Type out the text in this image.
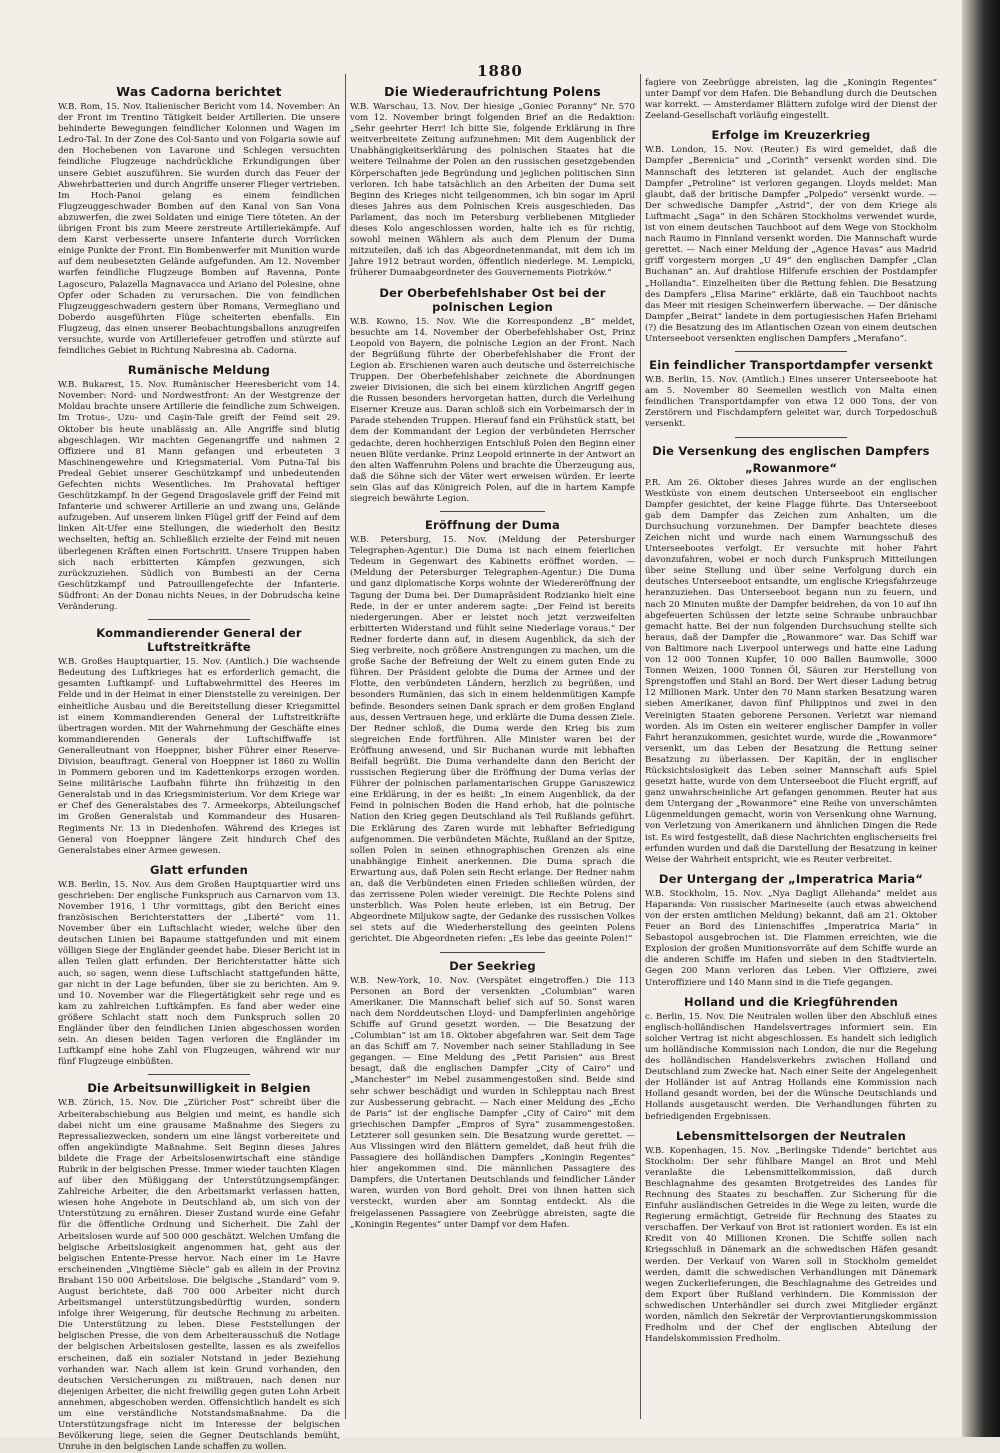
1880
Was Cadorna berichtet

W.B. Rom, 15. Nov. Italienischer Bericht vom 14. November: An der Front im Trentino Tätigkeit beider Artillerien. Die unsere behinderte Bewegungen feindlicher Kolonnen und Wagen im Ledro-Tal. In der Zone des Col-Santo und von Folgaria sowie auf den Hochebenen von Lavarone und Schlegen versuchten feindliche Flugzeuge nachdrückliche Erkundigungen über unsere Gebiet auszuführen. Sie wurden durch das Feuer der Abwehrbatterien und durch Angriffe unserer Flieger vertrieben. Im Hoch-Panoi gelang es einem feindlichen Flugzeuggeschwader Bomben auf den Kanal von San Vona abzuwerfen, die zwei Soldaten und einige Tiere töteten. An der übrigen Front bis zum Meere zerstreute Artilleriekämpfe. Auf dem Karst verbesserte unsere Infanterie durch Vorrücken einige Punkte der Front. Ein Bombenwerfer mit Munition wurde auf dem neubesetzten Gelände aufgefunden. Am 12. November warfen feindliche Flugzeuge Bomben auf Ravenna, Ponte Lagoscuro, Palazella Magnavacca und Ariano del Polesine, ohne Opfer oder Schaden zu verursachen. Die von feindlichen Flugzeuggeschwadern gestern über Romans, Vermegliano und Doberdo ausgeführten Flüge scheiterten ebenfalls. Ein Flugzeug, das einen unserer Beobachtungsballons anzugreifen versuchte, wurde von Artilleriefeuer getroffen und stürzte auf feindliches Gebiet in Richtung Nabresina ab. Cadorna.

Rumänische Meldung

W.B. Bukarest, 15. Nov. Rumänischer Heeresbericht vom 14. November: Nord- und Nordwestfront: An der Westgrenze der Moldau brachte unsere Artillerie die feindliche zum Schweigen. Im Trotus-, Uzu- und Caşin-Tale greift der Feind seit 29. Oktober bis heute unablässig an. Alle Angriffe sind blutig abgeschlagen. Wir machten Gegenangriffe und nahmen 2 Offiziere und 81 Mann gefangen und erbeuteten 3 Maschinengewehre und Kriegsmaterial. Vom Putna-Tal bis Predeal Gebiet unserer Geschützkampf und unbedeutenden Gefechten nichts Wesentliches. Im Prahovatal heftiger Geschützkampf. In der Gegend Dragoslavele griff der Feind mit Infanterie und schwerer Artillerie an und zwang uns, Gelände aufzugeben. Auf unserem linken Flügel griff der Feind auf dem linken Alt-Ufer eine Stellungen, die wiederholt den Besitz wechselten, heftig an. Schließlich erzielte der Feind mit neuen überlegenen Kräften einen Fortschritt. Unsere Truppen haben sich nach erbitterten Kämpfen gezwungen, sich zurückzuziehen. Südlich von Bumbesti an der Cerna Geschützkampf und Patrouillengefechte der Infanterie. Südfront: An der Donau nichts Neues, in der Dobrudscha keine Veränderung.

Kommandierender General der Luftstreitkräfte

W.B. Großes Hauptquartier, 15. Nov. (Amtlich.) Die wachsende Bedeutung des Luftkrieges hat es erforderlich gemacht, die gesamten Luftkampf- und Luftabwehrmittel des Heeres im Felde und in der Heimat in einer Dienststelle zu vereinigen. Der einheitliche Ausbau und die Bereitstellung dieser Kriegsmittel ist einem Kommandierenden General der Luftstreitkräfte übertragen worden. Mit der Wahrnehmung der Geschäfte eines kommandierenden Generals der Luftschiffwaffe ist Generalleutnant von Hoeppner, bisher Führer einer Reserve-Division, beauftragt. General von Hoeppner ist 1860 zu Wollin in Pommern geboren und im Kadettenkorps erzogen worden. Seine militärische Laufbahn führte ihn frühzeitig in den Generalstab und in das Kriegsministerium. Vor dem Kriege war er Chef des Generalstabes des 7. Armeekorps, Abteilungschef im Großen Generalstab und Kommandeur des Husaren-Regiments Nr. 13 in Diedenhofen. Während des Krieges ist General von Hoeppner längere Zeit hindurch Chef des Generalstabes einer Armee gewesen.

Glatt erfunden

W.B. Berlin, 15. Nov. Aus dem Großen Hauptquartier wird uns geschrieben: Der englische Funkspruch aus Carnarvon vom 13. November 1916, 1 Uhr vormittags, gibt den Bericht eines französischen Berichterstatters der „Liberté“ vom 11. November über ein Luftschlacht wieder, welche über den deutschen Linien bei Bapaume stattgefunden und mit einem völligen Siege der Engländer geendet habe. Dieser Bericht ist in allen Teilen glatt erfunden. Der Berichterstatter hätte sich auch, so sagen, wenn diese Luftschlacht stattgefunden hätte, gar nicht in der Lage befunden, über sie zu berichten. Am 9. und 10. November war die Fliegertätigkeit sehr rege und es kam zu zahlreichen Luftkämpfen. Es fand aber weder eine größere Schlacht statt noch dem Funkspruch sollen 20 Engländer über den feindlichen Linien abgeschossen worden sein. An diesen beiden Tagen verloren die Engländer im Luftkampf eine hohe Zahl von Flugzeugen, während wir nur fünf Flugzeuge einbüßten.

Die Arbeitsunwilligkeit in Belgien

W.B. Zürich, 15. Nov. Die „Züricher Post“ schreibt über die Arbeiterabschiebung aus Belgien und meint, es handle sich dabei nicht um eine grausame Maßnahme des Siegers zu Repressaliezwecken, sondern um eine längst vorbereitete und offen angekündigte Maßnahme. Seit Beginn dieses Jahres bildete die Frage der Arbeitslosenwirtschaft eine ständige Rubrik in der belgischen Presse. Immer wieder tauchten Klagen auf über den Müßiggang der Unterstützungsempfänger. Zahlreiche Arbeiter, die den Arbeitsmarkt verlassen hatten, wiesen hohe Angebote in Deutschland ab, um sich von der Unterstützung zu ernähren. Dieser Zustand wurde eine Gefahr für die öffentliche Ordnung und Sicherheit. Die Zahl der Arbeitslosen wurde auf 500 000 geschätzt. Welchen Umfang die belgische Arbeitslosigkeit angenommen hat, geht aus der belgischen Entente-Presse hervor. Nach einer im Le Havre erscheinenden „Vingtième Siècle“ gab es allein in der Provinz Brabant 150 000 Arbeitslose. Die belgische „Standard“ vom 9. August berichtete, daß 700 000 Arbeiter nicht durch Arbeitsmangel unterstützungsbedürftig wurden, sondern infolge ihrer Weigerung, für deutsche Rechnung zu arbeiten. Die Unterstützung zu leben. Diese Feststellungen der belgischen Presse, die von dem Arbeiterausschuß die Notlage der belgischen Arbeitslosen gestellte, lassen es als zweifellos erscheinen, daß ein sozialer Notstand in jeder Beziehung vorhanden war. Nach allem ist kein Grund vorhanden, den deutschen Versicherungen zu mißtrauen, nach denen nur diejenigen Arbeiter, die nicht freiwillig gegen guten Lohn Arbeit annehmen, abgeschoben werden. Offensichtlich handelt es sich um eine verständliche Notstandsmaßnahme. Da die Unterstützungsfrage nicht im Interesse der belgischen Bevölkerung liege, seien die Gegner Deutschlands bemüht, Unruhe in den belgischen Lande schaffen zu wollen.

Die Wiederaufrichtung Polens

W.B. Warschau, 13. Nov. Der hiesige „Goniec Poranny“ Nr. 570 vom 12. November bringt folgenden Brief an die Redaktion: „Sehr geehrter Herr! Ich bitte Sie, folgende Erklärung in Ihre weitverbreitete Zeitung aufzunehmen: Mit dem Augenblick der Unabhängigkeitserklärung des polnischen Staates hat die weitere Teilnahme der Polen an den russischen gesetzgebenden Körperschaften jede Begründung und jeglichen politischen Sinn verloren. Ich habe tatsächlich an den Arbeiten der Duma seit Beginn des Krieges nicht teilgenommen, ich bin sogar im April dieses Jahres aus dem Polnischen Kreis ausgeschieden. Das Parlament, das noch im Petersburg verbliebenen Mitglieder dieses Kolo angeschlossen worden, halte ich es für richtig, sowohl meinen Wählern als auch dem Plenum der Duma mitzuteilen, daß ich das Abgeordnetenmandat, mit dem ich im Jahre 1912 betraut worden, öffentlich niederlege. M. Lempicki, früherer Dumaabgeordneter des Gouvernements Piotrków.“

Der Oberbefehlshaber Ost bei der polnischen Legion

W.B. Kowno, 15. Nov. Wie die Korrespondenz „B“ meldet, besuchte am 14. November der Oberbefehlshaber Ost, Prinz Leopold von Bayern, die polnische Legion an der Front. Nach der Begrüßung führte der Oberbefehlshaber die Front der Legion ab. Erschienen waren auch deutsche und österreichische Truppen. Der Oberbefehlshaber zeichnete die Abordnungen zweier Divisionen, die sich bei einem kürzlichen Angriff gegen die Russen besonders hervorgetan hatten, durch die Verleihung Eiserner Kreuze aus. Daran schloß sich ein Vorbeimarsch der in Parade stehenden Truppen. Hierauf fand ein Frühstück statt, bei dem der Kommandant der Legion der verbündeten Herrscher gedachte, deren hochherzigen Entschluß Polen den Beginn einer neuen Blüte verdanke. Prinz Leopold erinnerte in der Antwort an den alten Waffenruhm Polens und brachte die Überzeugung aus, daß die Söhne sich der Väter wert erweisen würden. Er leerte sein Glas auf das Königreich Polen, auf die in hartem Kampfe siegreich bewährte Legion.

Eröffnung der Duma

W.B. Petersburg, 15. Nov. (Meldung der Petersburger Telegraphen-Agentur.) Die Duma ist nach einem feierlichen Tedeum in Gegenwart des Kabinetts eröffnet worden. — (Meldung der Petersburger Telegraphen-Agentur.) Die Duma und ganz diplomatische Korps wohnte der Wiedereröffnung der Tagung der Duma bei. Der Dumapräsident Rodzianko hielt eine Rede, in der er unter anderem sagte: „Der Feind ist bereits niedergerungen. Aber er leistet noch jetzt verzweifelten erbitterten Widerstand und fühlt seine Niederlage voraus.“ Der Redner forderte dann auf, in diesem Augenblick, da sich der Sieg verbreite, noch größere Anstrengungen zu machen, um die große Sache der Befreiung der Welt zu einem guten Ende zu führen. Der Präsident gelobte die Duma der Armee und der Flotte, den verbündeten Ländern, herzlich zu begrüßen, und besonders Rumänien, das sich in einem heldenmütigen Kampfe befinde. Besonders seinen Dank sprach er dem großen England aus, dessen Vertrauen hege, und erklärte die Duma dessen Ziele. Der Redner schloß, die Duma werde den Krieg bis zum siegreichen Ende fortführen. Alle Minister waren bei der Eröffnung anwesend, und Sir Buchanan wurde mit lebhaften Beifall begrüßt. Die Duma verhandelte dann den Bericht der russischen Regierung über die Eröffnung der Duma verlas der Führer der polnischen parlamentarischen Gruppe Garuszewicz eine Erklärung, in der es heißt: „In einem Augenblick, da der Feind in polnischen Boden die Hand erhob, hat die polnische Nation den Krieg gegen Deutschland als Teil Rußlands geführt. Die Erklärung des Zaren wurde mit lebhafter Befriedigung aufgenommen. Die verbündeten Mächte, Rußland an der Spitze, sollen Polen in seinen ethnographischen Grenzen als eine unabhängige Einheit anerkennen. Die Duma sprach die Erwartung aus, daß Polen sein Recht erlange. Der Redner nahm an, daß die Verbündeten einen Frieden schließen würden, der das zerrissene Polen wieder vereinigt. Die Rechte Polens sind unsterblich. Was Polen heute erleben, ist ein Betrug. Der Abgeordnete Miljukow sagte, der Gedanke des russischen Volkes sei stets auf die Wiederherstellung des geeinten Polens gerichtet. Die Abgeordneten riefen: „Es lebe das geeinte Polen!“

Der Seekrieg

W.B. New-York, 10. Nov. (Verspätet eingetroffen.) Die 113 Personen an Bord der versenkten „Columbian“ waren Amerikaner. Die Mannschaft belief sich auf 50. Sonst waren nach dem Norddeutschen Lloyd- und Dampferlinien angehörige Schiffe auf Grund gesetzt worden. — Die Besatzung der „Columbian“ ist am 18. Oktober abgefahren war. Seit dem Tage an das Schiff am 7. November nach seiner Stahlladung in See gegangen. — Eine Meldung des „Petit Parisien“ aus Brest besagt, daß die englischen Dampfer „City of Cairo“ und „Manchester“ im Nebel zusammengestoßen sind. Beide sind sehr schwer beschädigt und wurden in Schlepptau nach Brest zur Ausbesserung gebracht. — Nach einer Meldung des „Echo de Paris“ ist der englische Dampfer „City of Cairo“ mit dem griechischen Dampfer „Empros of Syra“ zusammengestoßen. Letzterer soll gesunken sein. Die Besatzung wurde gerettet. — Aus Vlissingen wird den Blättern gemeldet, daß heut früh die Passagiere des holländischen Dampfers „Koningin Regentes“ hier angekommen sind. Die männlichen Passagiere des Dampfers, die Untertanen Deutschlands und feindlicher Länder waren, wurden von Bord geholt. Drei von ihnen hatten sich versteckt, wurden aber am Sonntag entdeckt. Als die freigelassenen Passagiere von Zeebrügge abreisten, sagte die „Koningin Regentes“ unter Dampf vor dem Hafen.

fagiere von Zeebrügge abreisten, lag die „Koningin Regentes“ unter Dampf vor dem Hafen. Die Behandlung durch die Deutschen war korrekt. — Amsterdamer Blättern zufolge wird der Dienst der Zeeland-Gesellschaft vorläufig eingestellt.

Erfolge im Kreuzerkrieg

W.B. London, 15. Nov. (Reuter.) Es wird gemeldet, daß die Dampfer „Berenicia“ und „Corinth“ versenkt worden sind. Die Mannschaft des letzteren ist gelandet. Auch der englische Dampfer „Petroline“ ist verloren gegangen. Lloyds meldet: Man glaubt, daß der britische Dampfer „Polpedo“ versenkt wurde. — Der schwedische Dampfer „Astrid“, der von dem Kriege als Luftmacht „Saga“ in den Schären Stockholms verwendet wurde, ist von einem deutschen Tauchboot auf dem Wege von Stockholm nach Raumo in Finnland versenkt worden. Die Mannschaft wurde gerettet. — Nach einer Meldung der „Agence Havas“ aus Madrid griff vorgestern morgen „U 49“ den englischen Dampfer „Clan Buchanan“ an. Auf drahtlose Hilferufe erschien der Postdampfer „Hollandia“. Einzelheiten über die Rettung fehlen. Die Besatzung des Dampfers „Elisa Marine“ erklärte, daß ein Tauchboot nachts das Meer mit riesigen Scheinwerfern überwache. — Der dänische Dampfer „Beirat“ landete in dem portugiesischen Hafen Briehami (?) die Besatzung des im Atlantischen Ozean von einem deutschen Unterseeboot versenkten englischen Dampfers „Merafano“.

Ein feindlicher Transportdampfer versenkt

W.B. Berlin, 15. Nov. (Amtlich.) Eines unserer Unterseeboote hat am 5. November 80 Seemeilen westlich von Malta einen feindlichen Transportdampfer von etwa 12 000 Tons, der von Zerstörern und Fischdampfern geleitet war, durch Torpedoschuß versenkt.

Die Versenkung des englischen Dampfers
„Rowanmore“

P.R. Am 26. Oktober dieses Jahres wurde an der englischen Westküste von einem deutschen Unterseeboot ein englischer Dampfer gesichtet, der keine Flagge führte. Das Unterseeboot gab dem Dampfer das Zeichen zum Anhalten, um die Durchsuchung vorzunehmen. Der Dampfer beachtete dieses Zeichen nicht und wurde nach einem Warnungsschuß des Unterseebootes verfolgt. Er versuchte mit hoher Fahrt davonzufahren, wobei er noch durch Funkspruch Mitteilungen über seine Stellung und über seine Verfolgung durch ein deutsches Unterseeboot entsandte, um englische Kriegsfahrzeuge heranzuziehen. Das Unterseeboot begann nun zu feuern, und nach 20 Minuten mußte der Dampfer beidrehen, da von 10 auf ihn abgefeuerten Schüssen der letzte seine Schraube unbrauchbar gemacht hatte. Bei der nun folgenden Durchsuchung stellte sich heraus, daß der Dampfer die „Rowanmore“ war. Das Schiff war von Baltimore nach Liverpool unterwegs und hatte eine Ladung von 12 000 Tonnen Kupfer, 10 000 Ballen Baumwolle, 3000 Tonnen Weizen, 1000 Tonnen Öl, Säuren zur Herstellung von Sprengstoffen und Stahl an Bord. Der Wert dieser Ladung betrug 12 Millionen Mark. Unter den 70 Mann starken Besatzung waren sieben Amerikaner, davon fünf Philippinos und zwei in den Vereinigten Staaten geborene Personen. Verletzt war niemand worden. Als im Osten ein weiterer englischer Dampfer in voller Fahrt heranzukommen, gesichtet wurde, wurde die „Rowanmore“ versenkt, um das Leben der Besatzung die Rettung seiner Besatzung zu überlassen. Der Kapitän, der in englischer Rücksichtslosigkeit das Leben seiner Mannschaft aufs Spiel gesetzt hatte, wurde von dem Unterseeboot die Flucht ergriff, auf ganz unwahrscheinliche Art gefangen genommen. Reuter hat aus dem Untergang der „Rowanmore“ eine Reihe von unverschämten Lügenmeldungen gemacht, worin von Versenkung ohne Warnung, von Verletzung von Amerikanern und ähnlichen Dingen die Rede ist. Es wird festgestellt, daß diese Nachrichten englischerseits frei erfunden wurden und daß die Darstellung der Besatzung in keiner Weise der Wahrheit entspricht, wie es Reuter verbreitet.

Der Untergang der „Imperatrica Maria“

W.B. Stockholm, 15. Nov. „Nya Dagligt Allehanda“ meldet aus Haparanda: Von russischer Marineseite (auch etwas abweichend von der ersten amtlichen Meldung) bekannt, daß am 21. Oktober Feuer an Bord des Linienschiffes „Imperatrica Maria“ in Sebastopol ausgebrochen ist. Die Flammen erreichten, wie die Explosion der großen Munitionsvorräte auf dem Schiffe wurde an die anderen Schiffe im Hafen und sieben in den Stadtvierteln. Gegen 200 Mann verloren das Leben. Vier Offiziere, zwei Unteroffiziere und 140 Mann sind in die Tiefe gegangen.

Holland und die Kriegführenden

c. Berlin, 15. Nov. Die Neutralen wollen über den Abschluß eines englisch-holländischen Handelsvertrages informiert sein. Ein solcher Vertrag ist nicht abgeschlossen. Es handelt sich lediglich um holländische Kommission nach London, die nur die Regelung des holländischen Handelsverkehrs zwischen Holland und Deutschland zum Zwecke hat. Nach einer Seite der Angelegenheit der Holländer ist auf Antrag Hollands eine Kommission nach Holland gesandt worden, bei der die Wünsche Deutschlands und Hollands ausgetauscht werden. Die Verhandlungen führten zu befriedigenden Ergebnissen.

Lebensmittelsorgen der Neutralen

W.B. Kopenhagen, 15. Nov. „Berlingske Tidende“ berichtet aus Stockholm: Der sehr fühlbare Mangel an Brot und Mehl veranlaßte die Lebensmittelkommission, daß durch Beschlagnahme des gesamten Brotgetreides des Landes für Rechnung des Staates zu beschaffen. Zur Sicherung für die Einfuhr ausländischen Getreides in die Wege zu leiten, wurde die Regierung ermächtigt, Getreide für Rechnung des Staates zu verschaffen. Der Verkauf von Brot ist rationiert worden. Es ist ein Kredit von 40 Millionen Kronen. Die Schiffe sollen nach Kriegsschluß in Dänemark an die schwedischen Häfen gesandt werden. Der Verkauf von Waren soll in Stockholm gemeldet werden, damit die schwedischen Verhandlungen mit Dänemark wegen Zuckerlieferungen, die Beschlagnahme des Getreides und dem Export über Rußland verhindern. Die Kommission der schwedischen Unterhändler sei durch zwei Mitglieder ergänzt worden, nämlich den Sekretär der Verproviantierungskommission Fredholm und der Chef der englischen Abteilung der Handelskommission Fredholm.
